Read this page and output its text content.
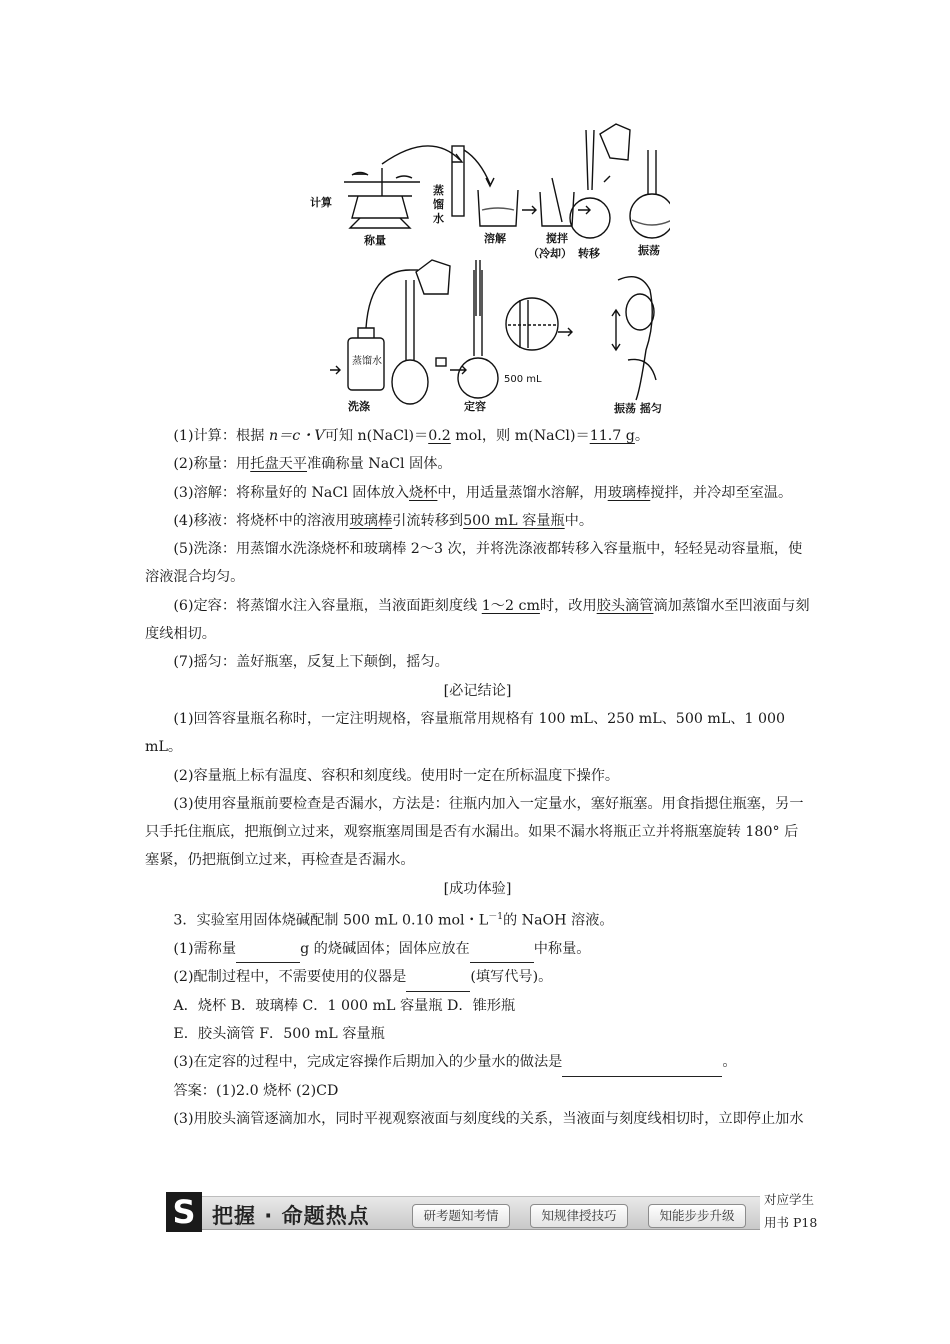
计算
蒸
馏
水
称量	溶解	搅拌
（冷却） 转移	振荡
蒸馏水
洗涤	定容
500 mL
振荡 摇匀

(1)计算：根据 n＝c・V可知 n(NaCl)＝0.2 mol，则 m(NaCl)＝11.7 g。

(2)称量：用托盘天平准确称量 NaCl 固体。

(3)溶解：将称量好的 NaCl 固体放入烧杯中，用适量蒸馏水溶解，用玻璃棒搅拌，并冷却至室温。

(4)移液：将烧杯中的溶液用玻璃棒引流转移到500 mL 容量瓶中。

(5)洗涤：用蒸馏水洗涤烧杯和玻璃棒 2～3 次，并将洗涤液都转移入容量瓶中，轻轻晃动容量瓶，使溶液混合均匀。

(6)定容：将蒸馏水注入容量瓶，当液面距刻度线 1～2 cm时，改用胶头滴管滴加蒸馏水至凹液面与刻度线相切。

(7)摇匀：盖好瓶塞，反复上下颠倒，摇匀。

[必记结论]

(1)回答容量瓶名称时，一定注明规格，容量瓶常用规格有 100 mL、250 mL、500 mL、1 000 mL。

(2)容量瓶上标有温度、容积和刻度线。使用时一定在所标温度下操作。

(3)使用容量瓶前要检查是否漏水，方法是：往瓶内加入一定量水，塞好瓶塞。用食指摁住瓶塞，另一只手托住瓶底，把瓶倒立过来，观察瓶塞周围是否有水漏出。如果不漏水将瓶正立并将瓶塞旋转 180° 后塞紧，仍把瓶倒立过来，再检查是否漏水。

[成功体验]

3．实验室用固体烧碱配制 500 mL 0.10 mol・$L^{-1}$的 NaOH 溶液。

(1)需称量	g 的烧碱固体；固体应放在	中称量。

(2)配制过程中，不需要使用的仪器是	(填写代号)。

A．烧杯 B．玻璃棒 C．1 000 mL 容量瓶 D．锥形瓶

E．胶头滴管 F．500 mL 容量瓶

(3)在定容的过程中，完成定容操作后期加入的少量水的做法是	。

答案：(1)2.0 烧杯 (2)CD

(3)用胶头滴管逐滴加水，同时平视观察液面与刻度线的关系，当液面与刻度线相切时，立即停止加水

S 把握 · 命题热点	研考题知考情	知规律授技巧	知能步步升级
对应学生
用书 P18
